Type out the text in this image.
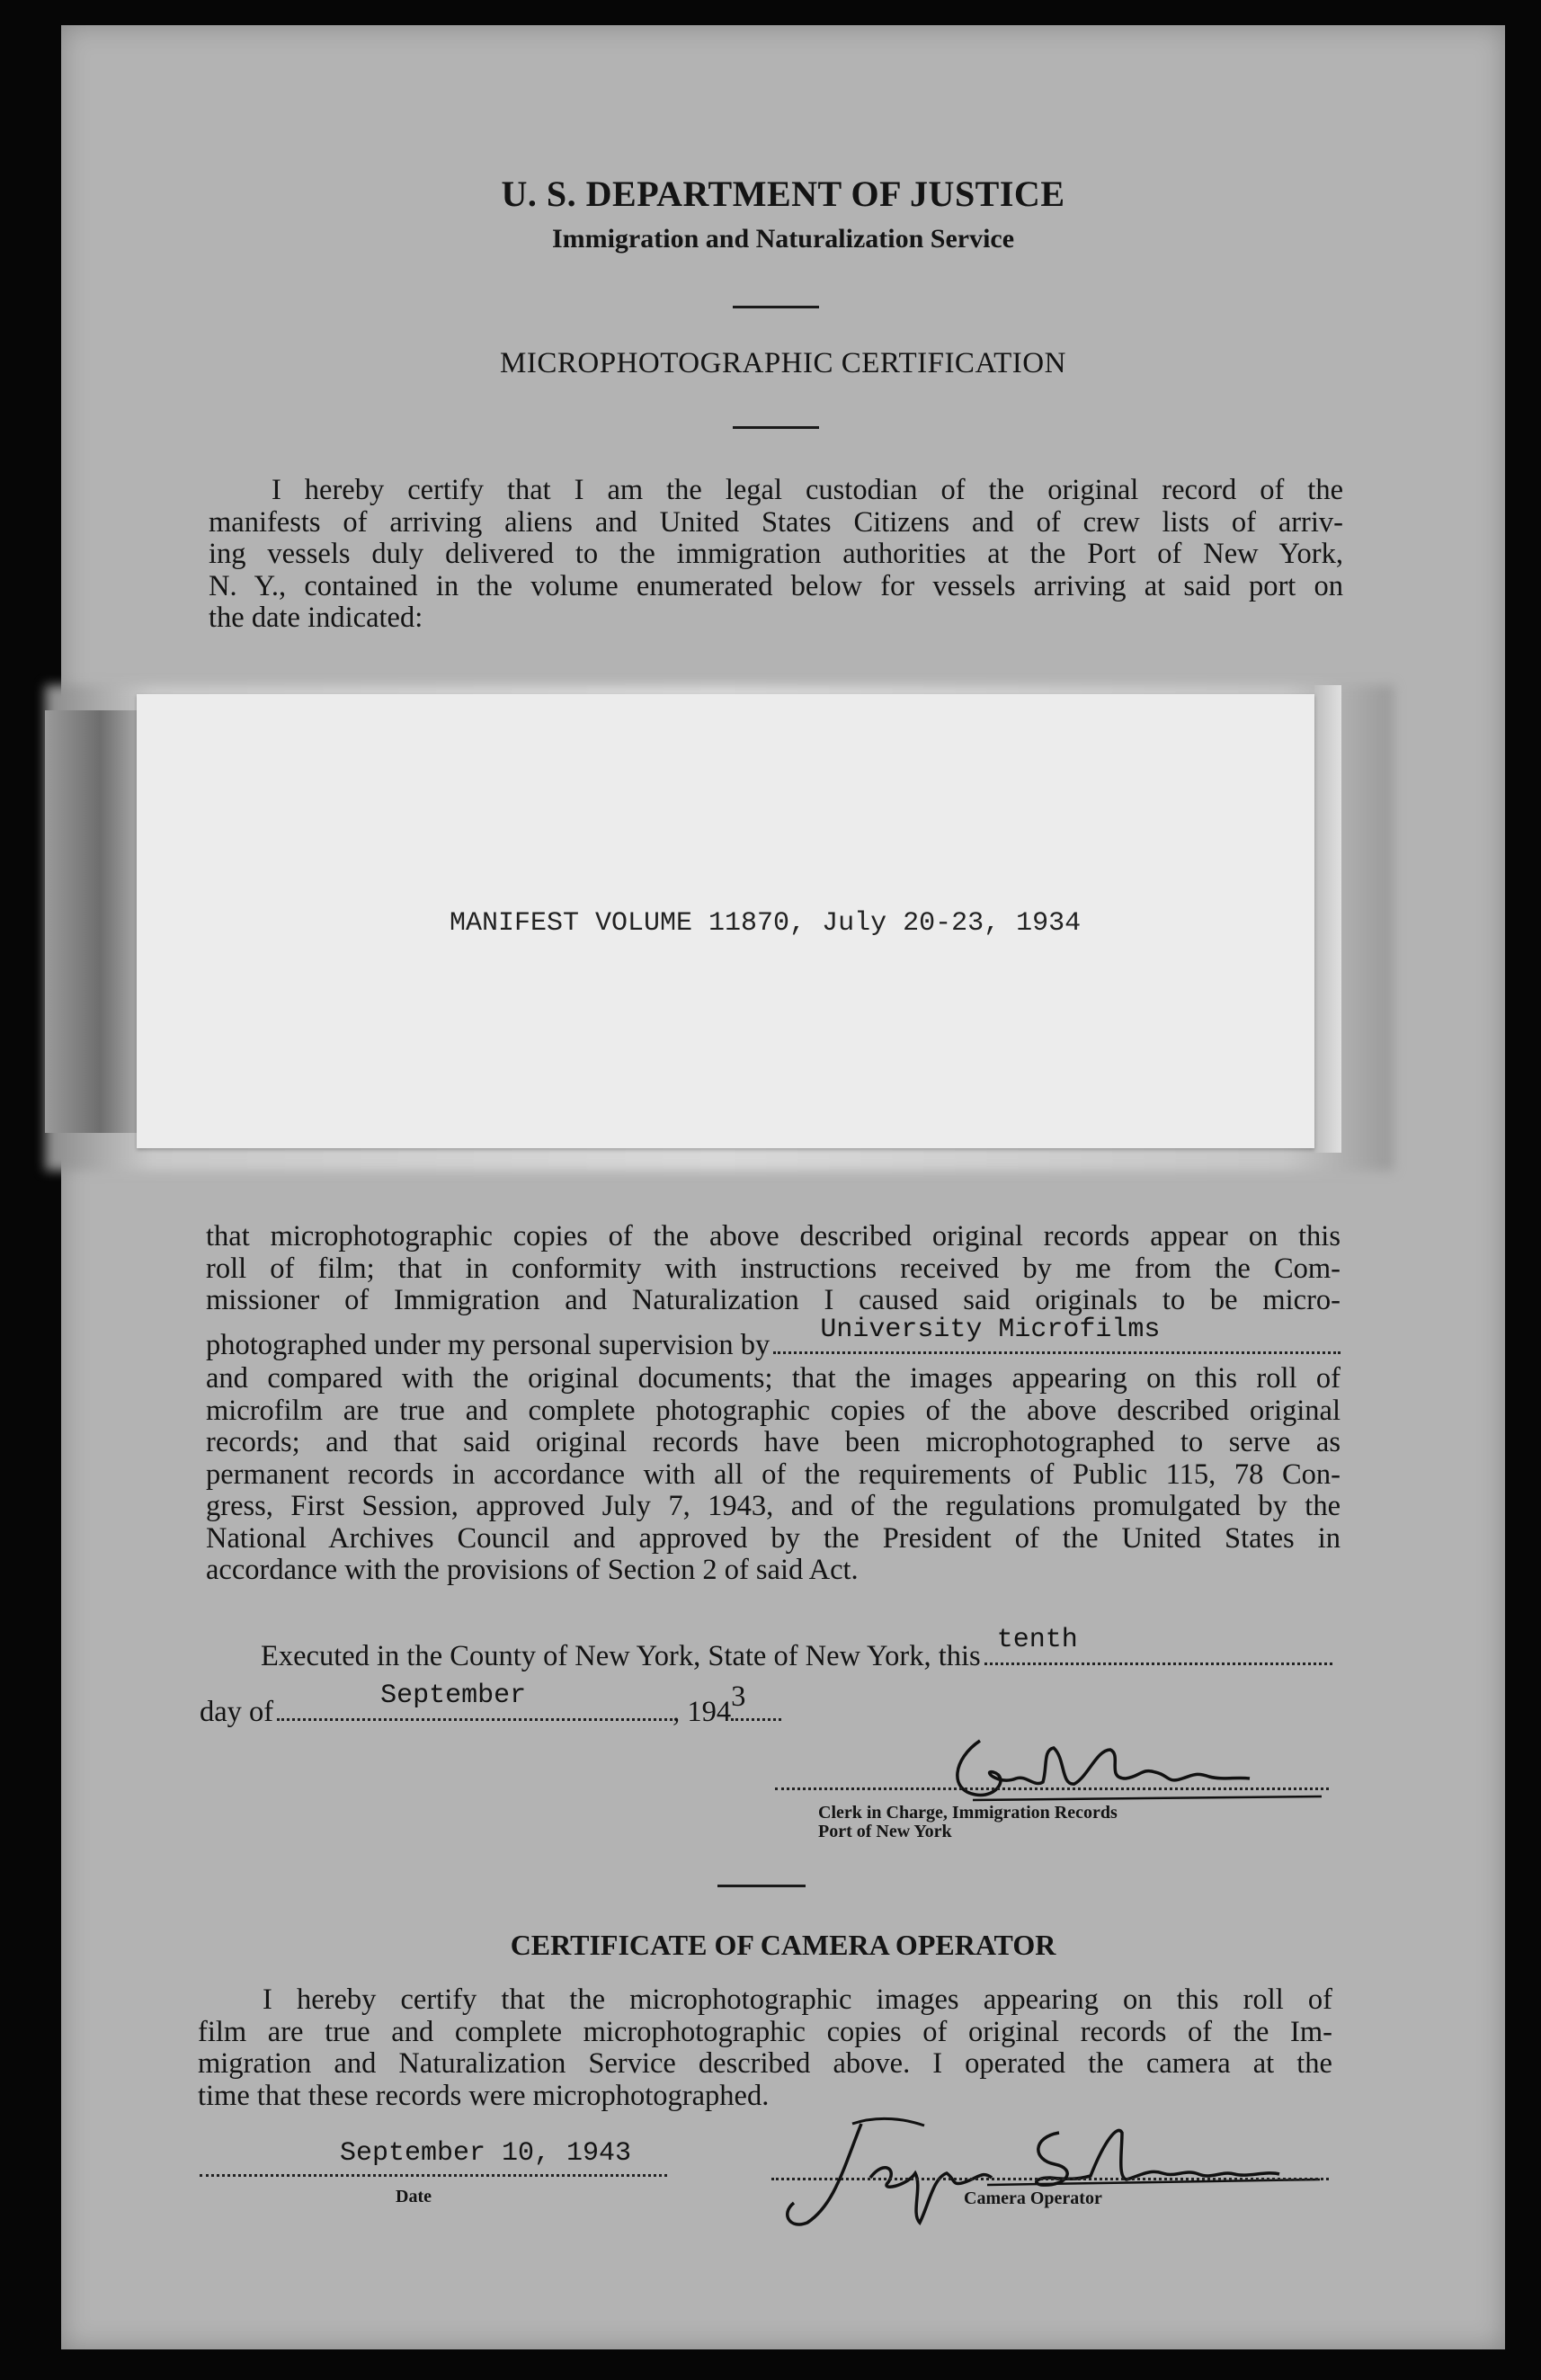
U. S. DEPARTMENT OF JUSTICE
Immigration and Naturalization Service
MICROPHOTOGRAPHIC CERTIFICATION
I hereby certify that I am the legal custodian of the original record of the
manifests of arriving aliens and United States Citizens and of crew lists of arriv-
ing vessels duly delivered to the immigration authorities at the Port of New York,
N. Y., contained in the volume enumerated below for vessels arriving at said port on
the date indicated:
MANIFEST VOLUME 11870, July 20-23, 1934
that microphotographic copies of the above described original records appear on this
roll of film; that in conformity with instructions received by me from the Com-
missioner of Immigration and Naturalization I caused said originals to be micro-
photographed under my personal supervision by University Microfilms
and compared with the original documents; that the images appearing on this roll of
microfilm are true and complete photographic copies of the above described original
records; and that said original records have been microphotographed to serve as
permanent records in accordance with all of the requirements of Public 115, 78 Con-
gress, First Session, approved July 7, 1943, and of the regulations promulgated by the
National Archives Council and approved by the President of the United States in
accordance with the provisions of Section 2 of said Act.
Executed in the County of New York, State of New York, this tenth
day of	September	, 194 3
Clerk in Charge, Immigration Records
Port of New York
CERTIFICATE OF CAMERA OPERATOR
I hereby certify that the microphotographic images appearing on this roll of
film are true and complete microphotographic copies of original records of the Im-
migration and Naturalization Service described above. I operated the camera at the
time that these records were microphotographed.
September 10, 1943
Date	Camera Operator
